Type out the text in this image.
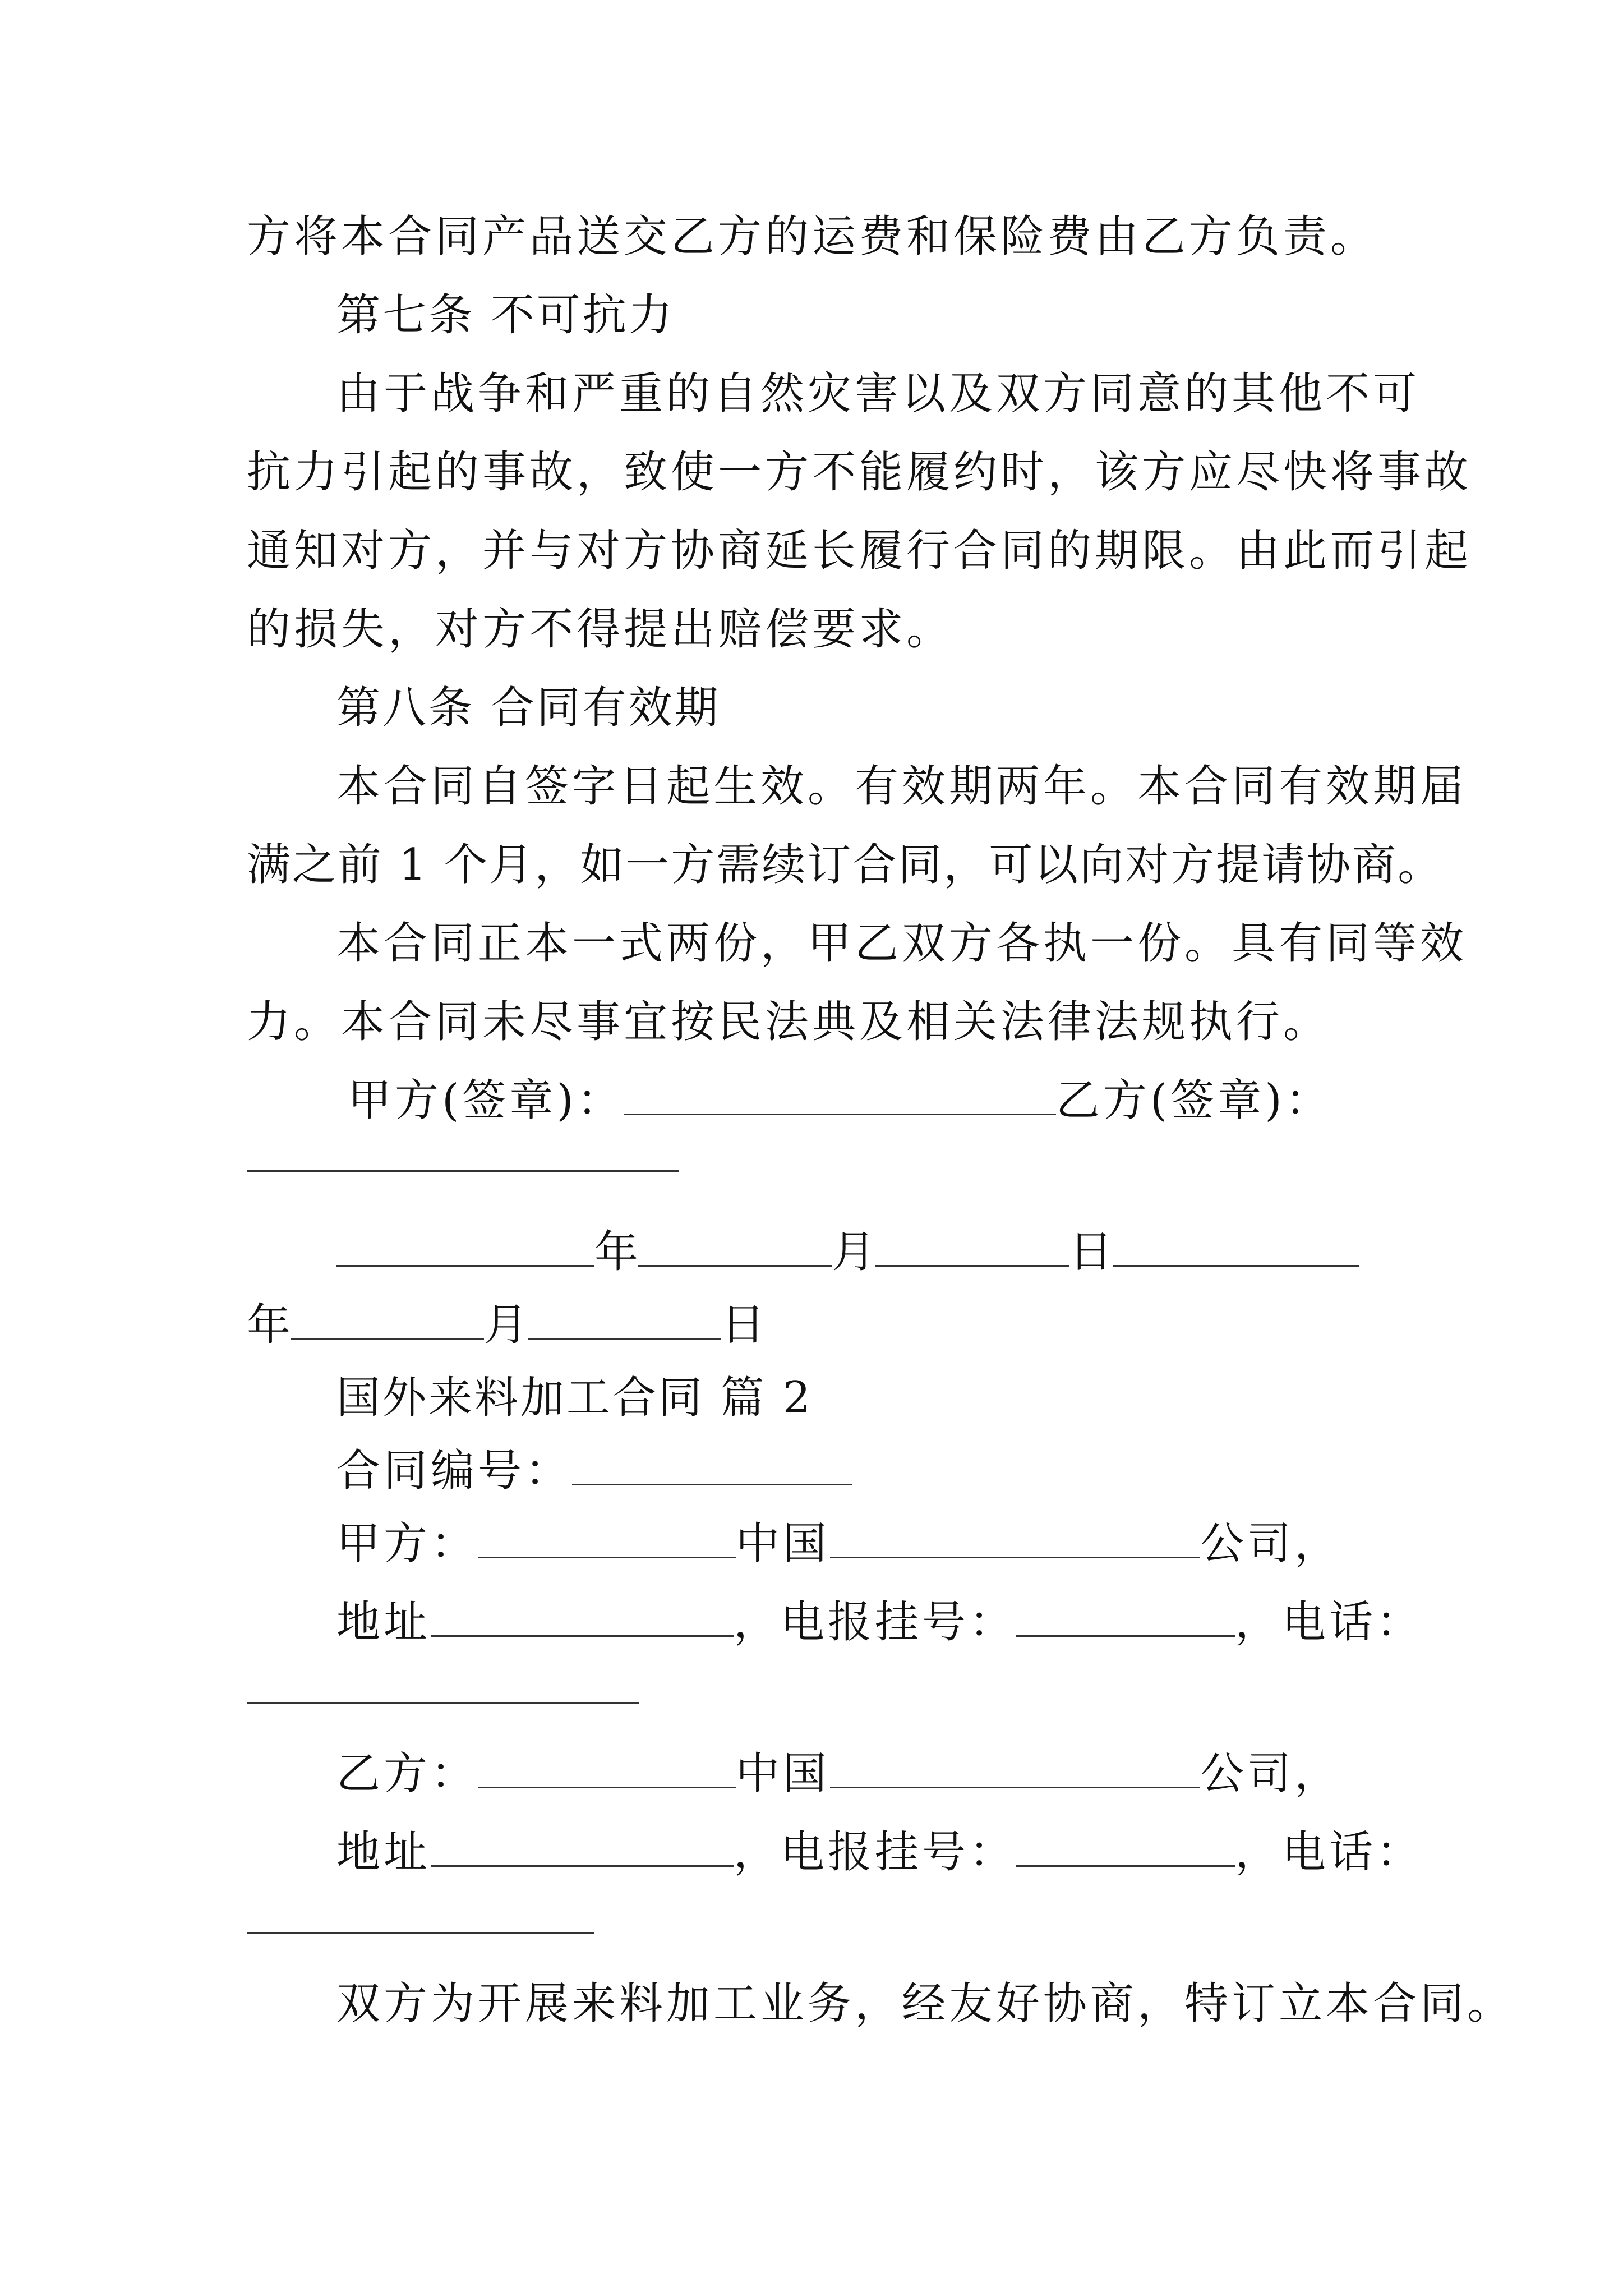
方将本合同产品送交乙方的运费和保险费由乙方负责。
第七条 不可抗力
由于战争和严重的自然灾害以及双方同意的其他不可
抗力引起的事故，致使一方不能履约时，该方应尽快将事故
通知对方，并与对方协商延长履行合同的期限。由此而引起
的损失，对方不得提出赔偿要求。
第八条 合同有效期
本合同自签字日起生效。有效期两年。本合同有效期届
满之前 1 个月，如一方需续订合同，可以向对方提请协商。
本合同正本一式两份，甲乙双方各执一份。具有同等效
力。本合同未尽事宜按民法典及相关法律法规执行。
甲方(签章)：	乙方(签章)：
年	月	日
年	月	日
国外来料加工合同 篇 2
合同编号：
甲方：	中国	公司，
地址	，电报挂号：	，电话：
乙方：	中国	公司，
地址	，电报挂号：	，电话：
双方为开展来料加工业务，经友好协商，特订立本合同。
